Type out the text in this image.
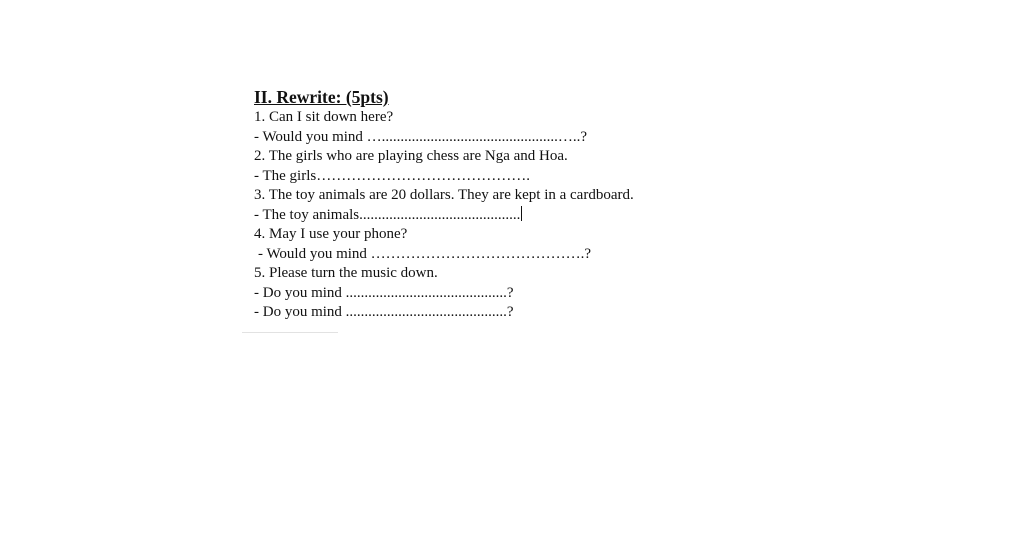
II. Rewrite: (5pts)
1. Can I sit down here?
- Would you mind …...............................................…..?
2. The girls who are playing chess are Nga and Hoa.
- The girls…………………………………….
3. The toy animals are 20 dollars. They are kept in a cardboard.
- The toy animals...........................................
4. May I use your phone?
- Would you mind …………………………………….?
5. Please turn the music down.
- Do you mind ...........................................?
- Do you mind ...........................................?
